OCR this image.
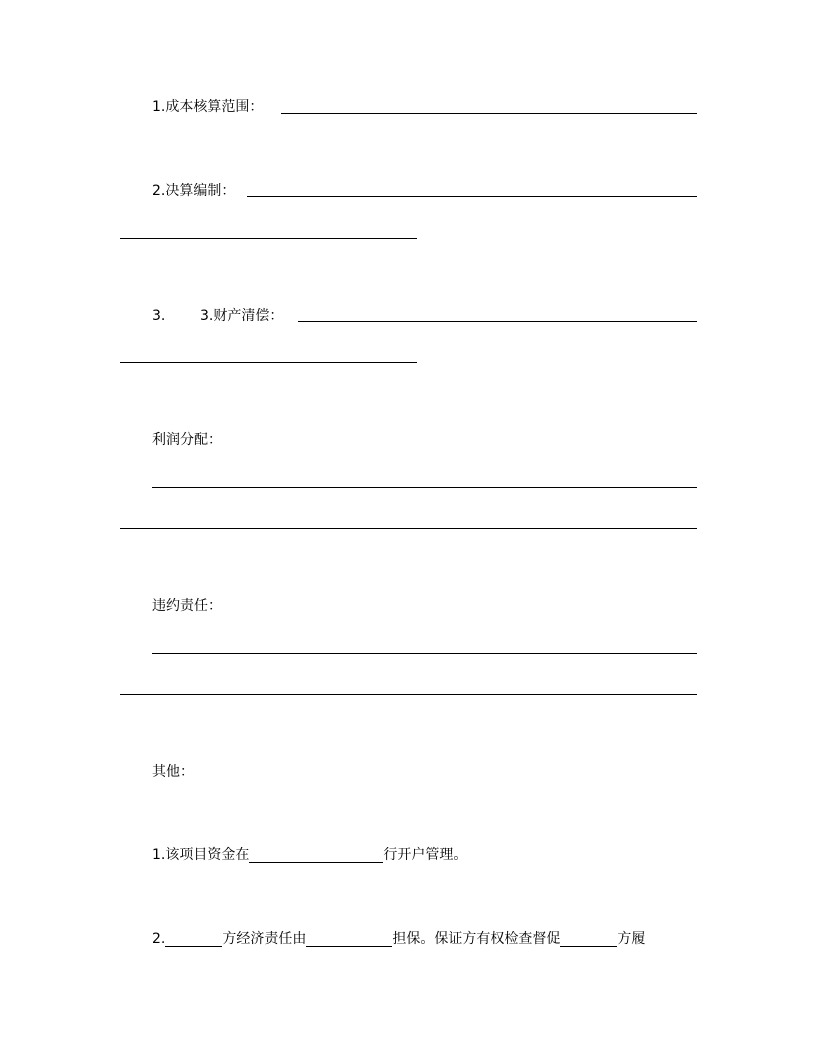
1.成本核算范围：
2.决算编制：
3. 3.财产清偿：
利润分配：
违约责任：
其他：
1.该项目资金在	行开户管理。
2.	方经济责任由	担保。保证方有权检查督促	方履
